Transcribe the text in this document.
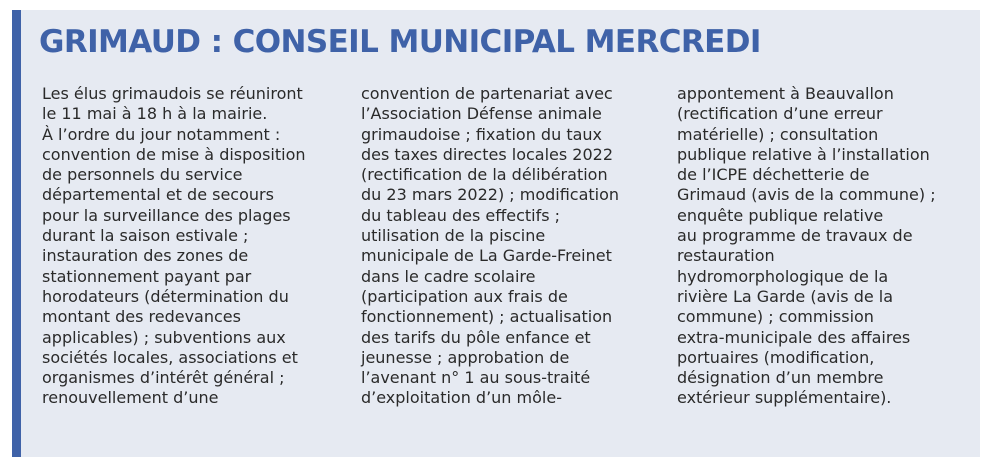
GRIMAUD : CONSEIL MUNICIPAL MERCREDI
Les élus grimaudois se réuniront
le 11 mai à 18 h à la mairie.
À l’ordre du jour notamment :
convention de mise à disposition
de personnels du service
départemental et de secours
pour la surveillance des plages
durant la saison estivale ;
instauration des zones de
stationnement payant par
horodateurs (détermination du
montant des redevances
applicables) ; subventions aux
sociétés locales, associations et
organismes d’intérêt général ;
renouvellement d’une
convention de partenariat avec
l’Association Défense animale
grimaudoise ; fixation du taux
des taxes directes locales 2022
(rectification de la délibération
du 23 mars 2022) ; modification
du tableau des effectifs ;
utilisation de la piscine
municipale de La Garde-Freinet
dans le cadre scolaire
(participation aux frais de
fonctionnement) ; actualisation
des tarifs du pôle enfance et
jeunesse ; approbation de
l’avenant n° 1 au sous-traité
d’exploitation d’un môle-
appontement à Beauvallon
(rectification d’une erreur
matérielle) ; consultation
publique relative à l’installation
de l’ICPE déchetterie de
Grimaud (avis de la commune) ;
enquête publique relative
au programme de travaux de
restauration
hydromorphologique de la
rivière La Garde (avis de la
commune) ; commission
extra-municipale des affaires
portuaires (modification,
désignation d’un membre
extérieur supplémentaire).
